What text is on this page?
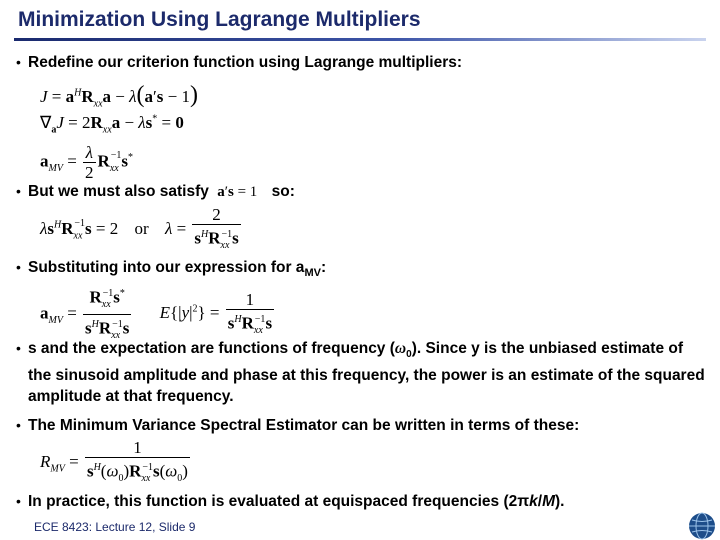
Minimization Using Lagrange Multipliers
• Redefine our criterion function using Lagrange multipliers:
$J = a^HR_{xx}a - \lambda(a's - 1)$
$\nabla_aJ = 2R_{xx}a - \lambda s^* = 0$
$a_{MV} = \frac{\lambda}{2} R_{xx}^{-1}s^*$
• But we must also satisfy a′s = 1 so:
$\lambda s^HR_{xx}^{-1}s = 2$ or $\lambda = \frac{2}{s^HR_{xx}^{-1}s}$
• Substituting into our expression for $a_{MV}$:
$a_{MV} = \frac{R_{xx}^{-1}s^*}{s^HR_{xx}^{-1}s} E\{|y|^2\} = \frac{1}{s^HR_{xx}^{-1}s}$
• s and the expectation are functions of frequency $(\omega_0)$. Since y is the unbiased estimate of the sinusoid amplitude and phase at this frequency, the power is an estimate of the squared amplitude at that frequency.
• The Minimum Variance Spectral Estimator can be written in terms of these:
$R_{MV} = \frac{1}{s^H(\omega_0)R_{xx}^{-1}s(\omega_0)}$
• In practice, this function is evaluated at equispaced frequencies (2πk/M).
ECE 8423: Lecture 12, Slide 9
